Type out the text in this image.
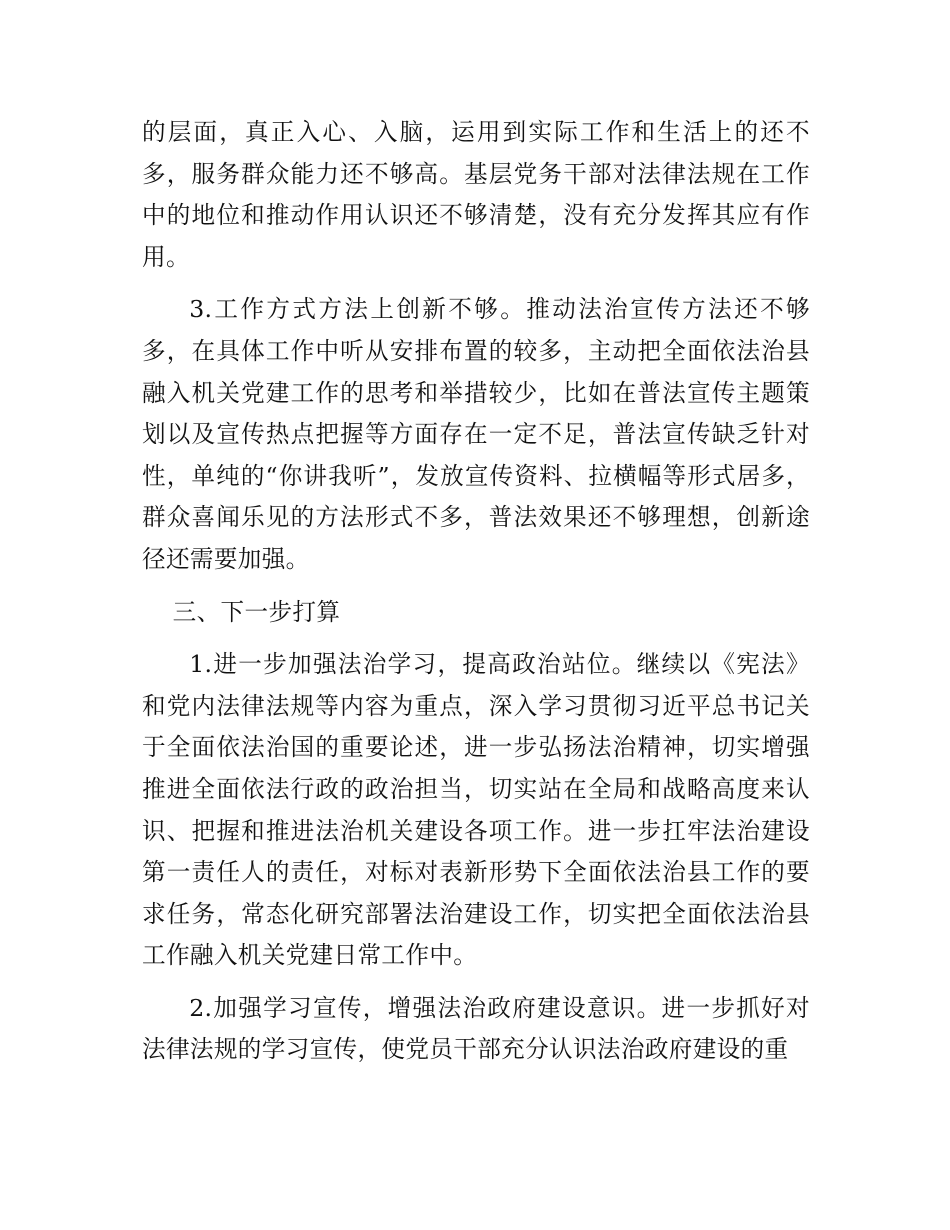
的层面，真正入心、入脑，运用到实际工作和生活上的还不多，服务群众能力还不够高。基层党务干部对法律法规在工作中的地位和推动作用认识还不够清楚，没有充分发挥其应有作用。

3.工作方式方法上创新不够。推动法治宣传方法还不够多，在具体工作中听从安排布置的较多，主动把全面依法治县融入机关党建工作的思考和举措较少，比如在普法宣传主题策划以及宣传热点把握等方面存在一定不足，普法宣传缺乏针对性，单纯的“你讲我听”，发放宣传资料、拉横幅等形式居多，群众喜闻乐见的方法形式不多，普法效果还不够理想，创新途径还需要加强。

三、下一步打算

1.进一步加强法治学习，提高政治站位。继续以《宪法》和党内法律法规等内容为重点，深入学习贯彻习近平总书记关于全面依法治国的重要论述，进一步弘扬法治精神，切实增强推进全面依法行政的政治担当，切实站在全局和战略高度来认识、把握和推进法治机关建设各项工作。进一步扛牢法治建设第一责任人的责任，对标对表新形势下全面依法治县工作的要求任务，常态化研究部署法治建设工作，切实把全面依法治县工作融入机关党建日常工作中。

2.加强学习宣传，增强法治政府建设意识。进一步抓好对法律法规的学习宣传，使党员干部充分认识法治政府建设的重
